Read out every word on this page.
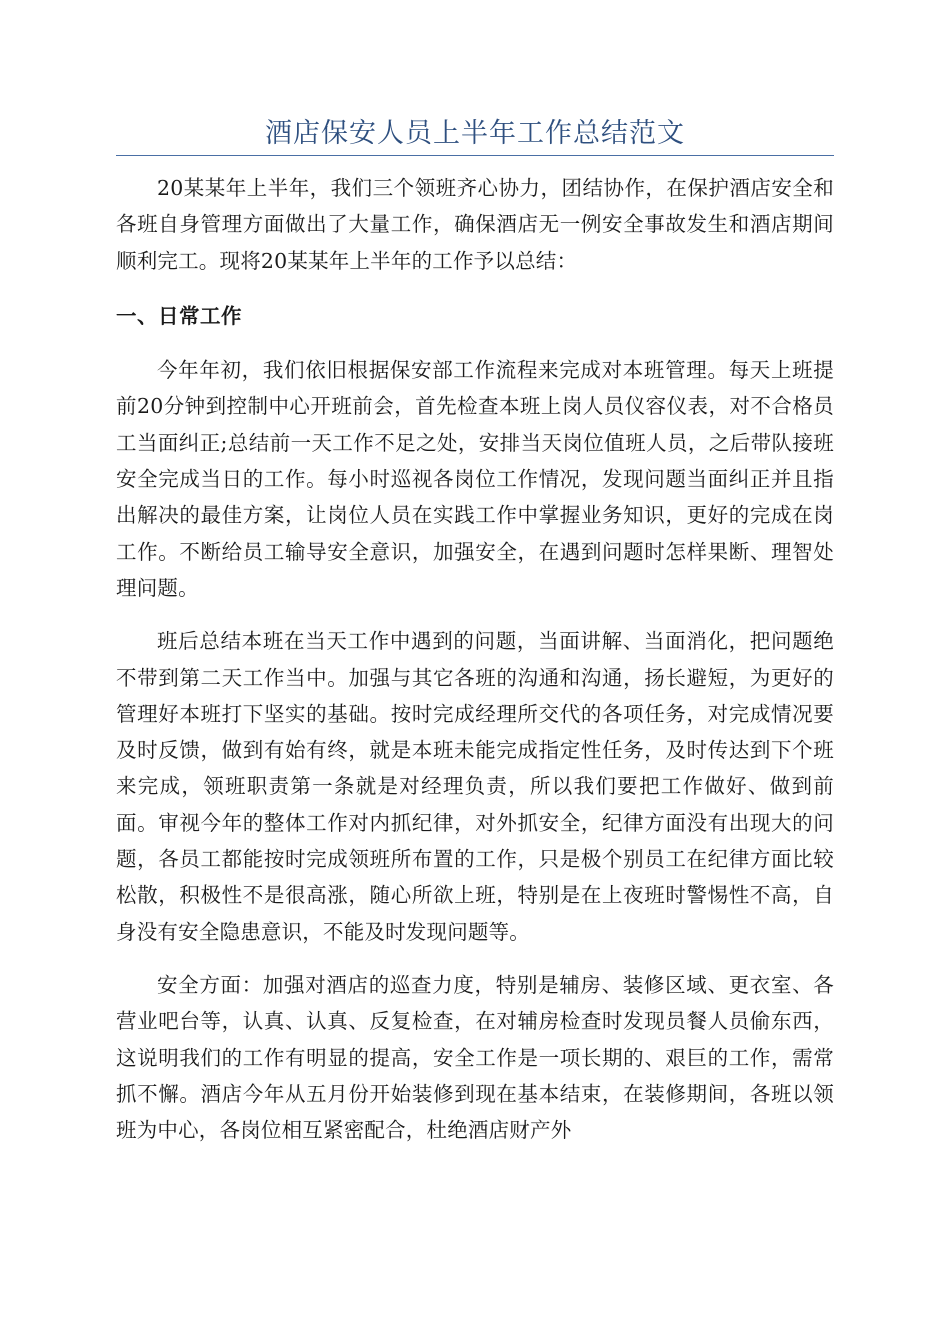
酒店保安人员上半年工作总结范文

20某某年上半年，我们三个领班齐心协力，团结协作，在保护酒店安全和各班自身管理方面做出了大量工作，确保酒店无一例安全事故发生和酒店期间顺利完工。现将20某某年上半年的工作予以总结：

一、日常工作

今年年初，我们依旧根据保安部工作流程来完成对本班管理。每天上班提前20分钟到控制中心开班前会，首先检查本班上岗人员仪容仪表，对不合格员工当面纠正;总结前一天工作不足之处，安排当天岗位值班人员，之后带队接班安全完成当日的工作。每小时巡视各岗位工作情况，发现问题当面纠正并且指出解决的最佳方案，让岗位人员在实践工作中掌握业务知识，更好的完成在岗工作。不断给员工输导安全意识，加强安全，在遇到问题时怎样果断、理智处理问题。

班后总结本班在当天工作中遇到的问题，当面讲解、当面消化，把问题绝不带到第二天工作当中。加强与其它各班的沟通和沟通，扬长避短，为更好的管理好本班打下坚实的基础。按时完成经理所交代的各项任务，对完成情况要及时反馈，做到有始有终，就是本班未能完成指定性任务，及时传达到下个班来完成，领班职责第一条就是对经理负责，所以我们要把工作做好、做到前面。审视今年的整体工作对内抓纪律，对外抓安全，纪律方面没有出现大的问题，各员工都能按时完成领班所布置的工作，只是极个别员工在纪律方面比较松散，积极性不是很高涨，随心所欲上班，特别是在上夜班时警惕性不高，自身没有安全隐患意识，不能及时发现问题等。

安全方面：加强对酒店的巡查力度，特别是辅房、装修区域、更衣室、各营业吧台等，认真、认真、反复检查，在对辅房检查时发现员餐人员偷东西，这说明我们的工作有明显的提高，安全工作是一项长期的、艰巨的工作，需常抓不懈。酒店今年从五月份开始装修到现在基本结束，在装修期间，各班以领班为中心，各岗位相互紧密配合，杜绝酒店财产外
